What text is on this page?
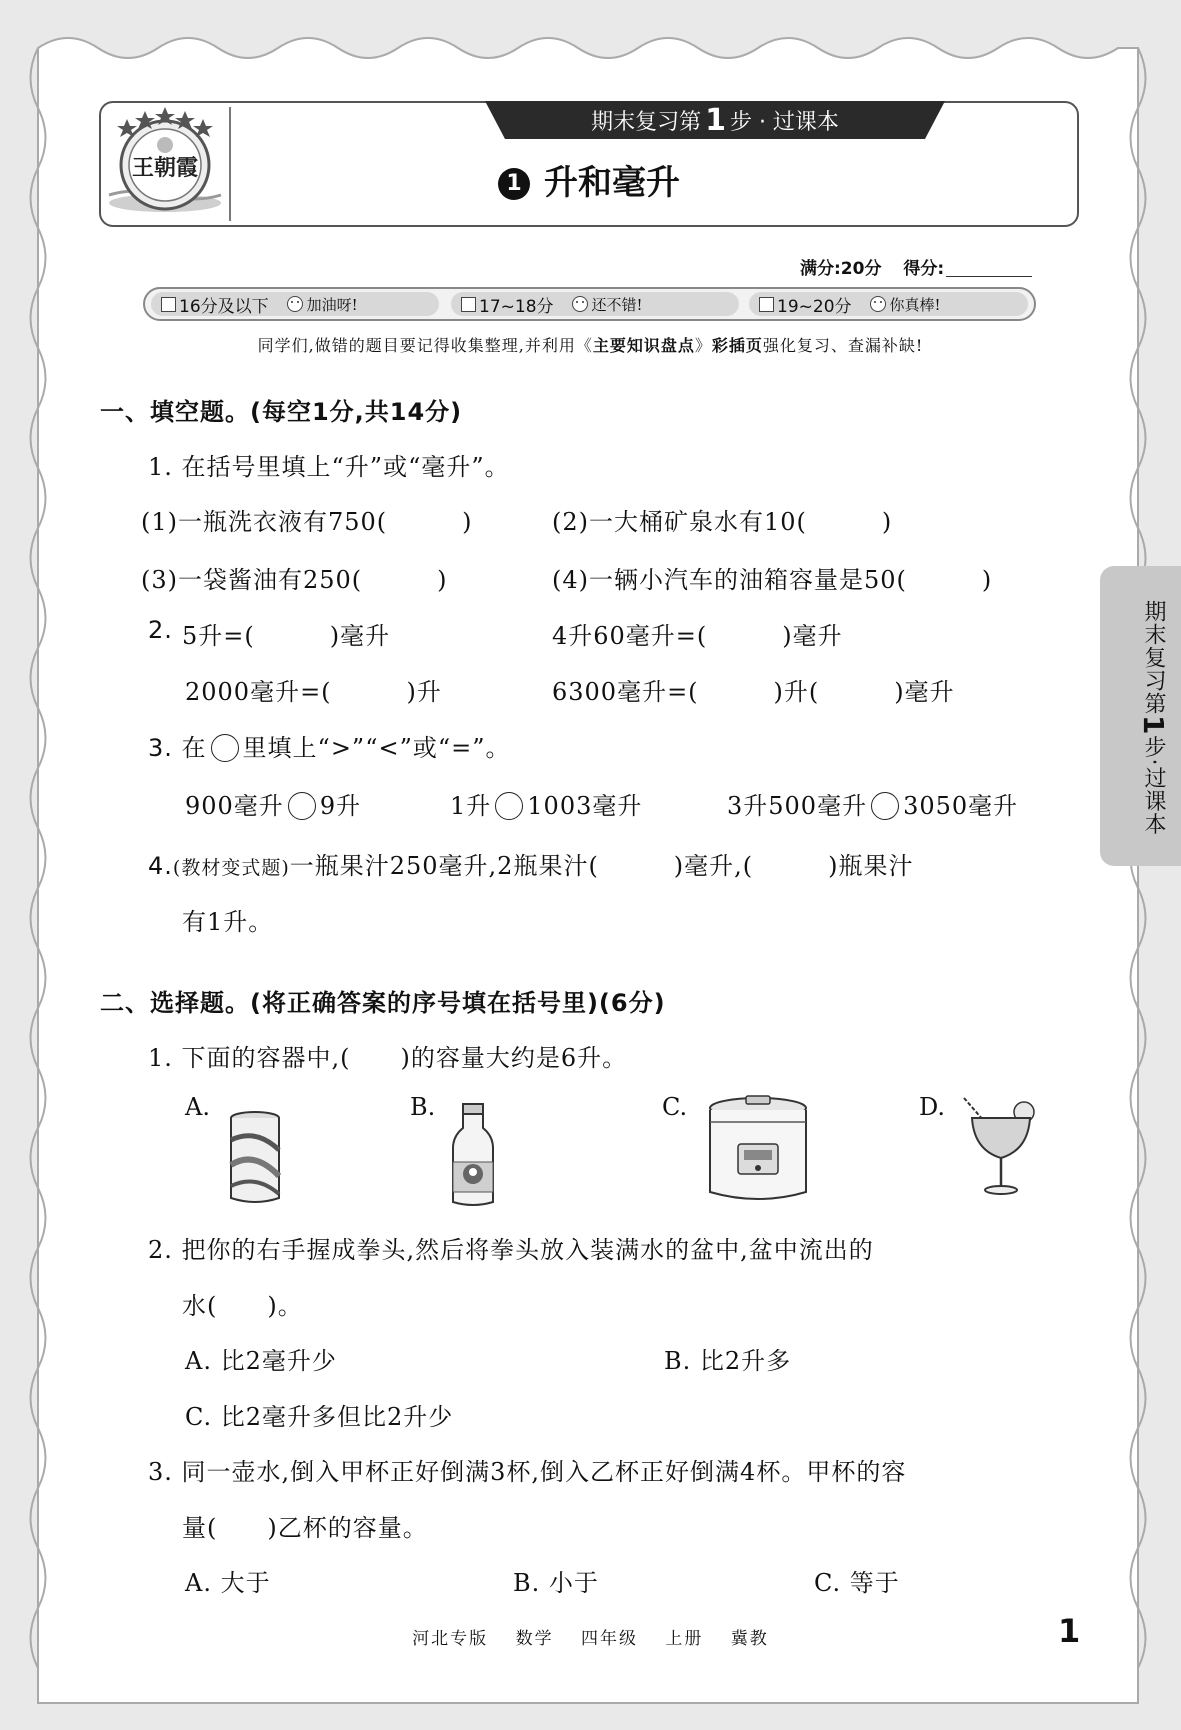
王朝霞
期末复习第 1 步 · 过课本
1 升和毫升
满分:20分 得分:
16分及以下	加油呀!	17~18分	还不错!	19~20分	你真棒!
同学们,做错的题目要记得收集整理,并利用《主要知识盘点》彩插页强化复习、查漏补缺!
期末复习第1步·过课本
一、填空题。(每空1分,共14分)
1. 在括号里填上“升”或“毫升”。
(1)一瓶洗衣液有750(　　　)	(2)一大桶矿泉水有10(　　　)
(3)一袋酱油有250(　　　)	(4)一辆小汽车的油箱容量是50(　　　)
2. 5升=(　　　)毫升	4升60毫升=(　　　)毫升
2000毫升=(　　　)升	6300毫升=(　　　)升(　　　)毫升
3. 在 里填上“>”“<”或“=”。
900毫升 9升	1升 1003毫升	3升500毫升 3050毫升
4.(教材变式题)一瓶果汁250毫升,2瓶果汁(　　　)毫升,(　　　)瓶果汁
有1升。
二、选择题。(将正确答案的序号填在括号里)(6分)
1. 下面的容器中,(　　)的容量大约是6升。
A.	B.	C.	D.
2. 把你的右手握成拳头,然后将拳头放入装满水的盆中,盆中流出的
水(　　)。
A. 比2毫升少	B. 比2升多
C. 比2毫升多但比2升少
3. 同一壶水,倒入甲杯正好倒满3杯,倒入乙杯正好倒满4杯。甲杯的容
量(　　)乙杯的容量。
A. 大于	B. 小于	C. 等于
河北专版 数学 四年级 上册 冀教	1
